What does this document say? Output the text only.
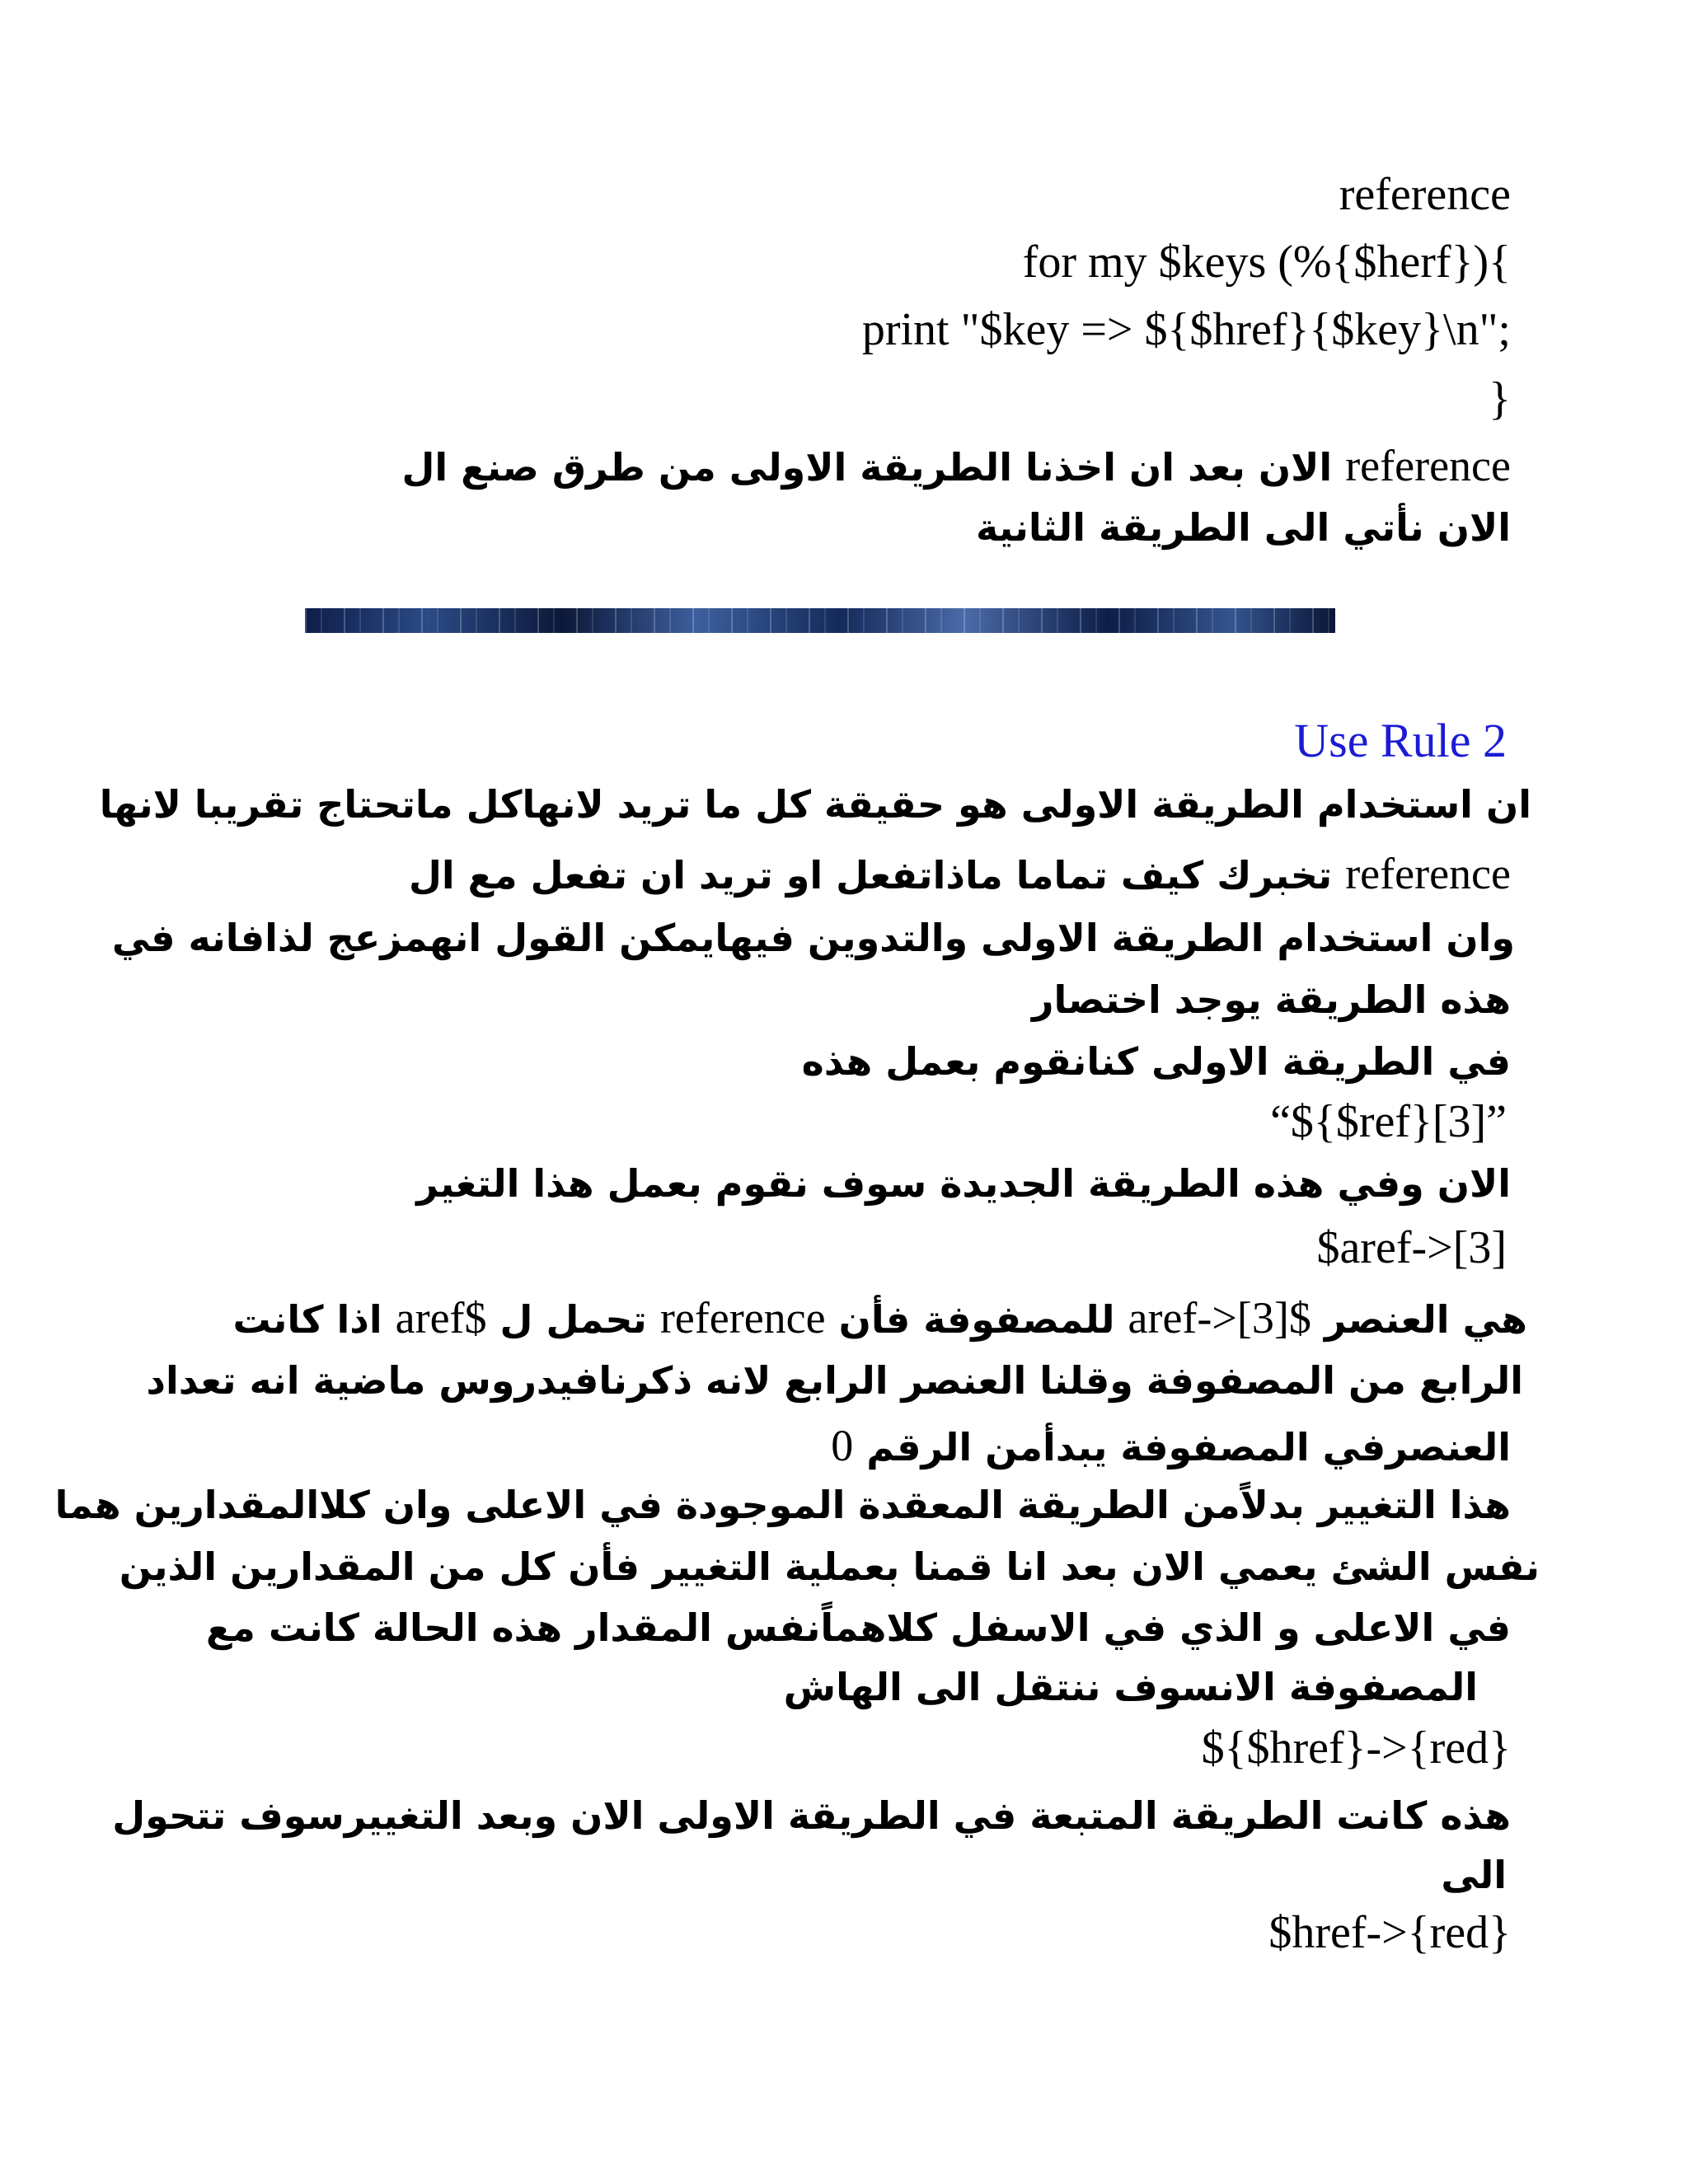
reference
for my $keys (%{$herf}){
print "$key => ${$href}{$key}\n";
}
reference الان بعد ان اخذنا الطريقة الاولى من طرق صنع ال
الان نأتي الى الطريقة الثانية
Use Rule 2
ان استخدام الطريقة الاولى هو حقيقة كل ما تريد لانهاكل ماتحتاج تقريبا لانها
reference تخبرك كيف تماما ماذاتفعل او تريد ان تفعل مع ال
وان استخدام الطريقة الاولى والتدوين فيهايمكن القول انهمزعج لذافانه في
هذه الطريقة يوجد اختصار
في الطريقة الاولى كنانقوم بعمل هذه
“${$ref}[3]”
الان وفي هذه الطريقة الجديدة سوف نقوم بعمل هذا التغير
$aref->[3]
هي العنصر $aref->[3] للمصفوفة فأن reference تحمل ل $aref اذا كانت
الرابع من المصفوفة وقلنا العنصر الرابع لانه ذكرنافيدروس ماضية انه تعداد
العنصرفي المصفوفة يبدأمن الرقم 0
هذا التغيير بدلاًمن الطريقة المعقدة الموجودة في الاعلى وان كلاالمقدارين هما
نفس الشئ يعمي الان بعد انا قمنا بعملية التغيير فأن كل من المقدارين الذين
في الاعلى و الذي في الاسفل كلاهماًنفس المقدار هذه الحالة كانت مع
المصفوفة الانسوف ننتقل الى الهاش
${$href}->{red}
هذه كانت الطريقة المتبعة في الطريقة الاولى الان وبعد التغييرسوف تتحول
الى
$href->{red}
